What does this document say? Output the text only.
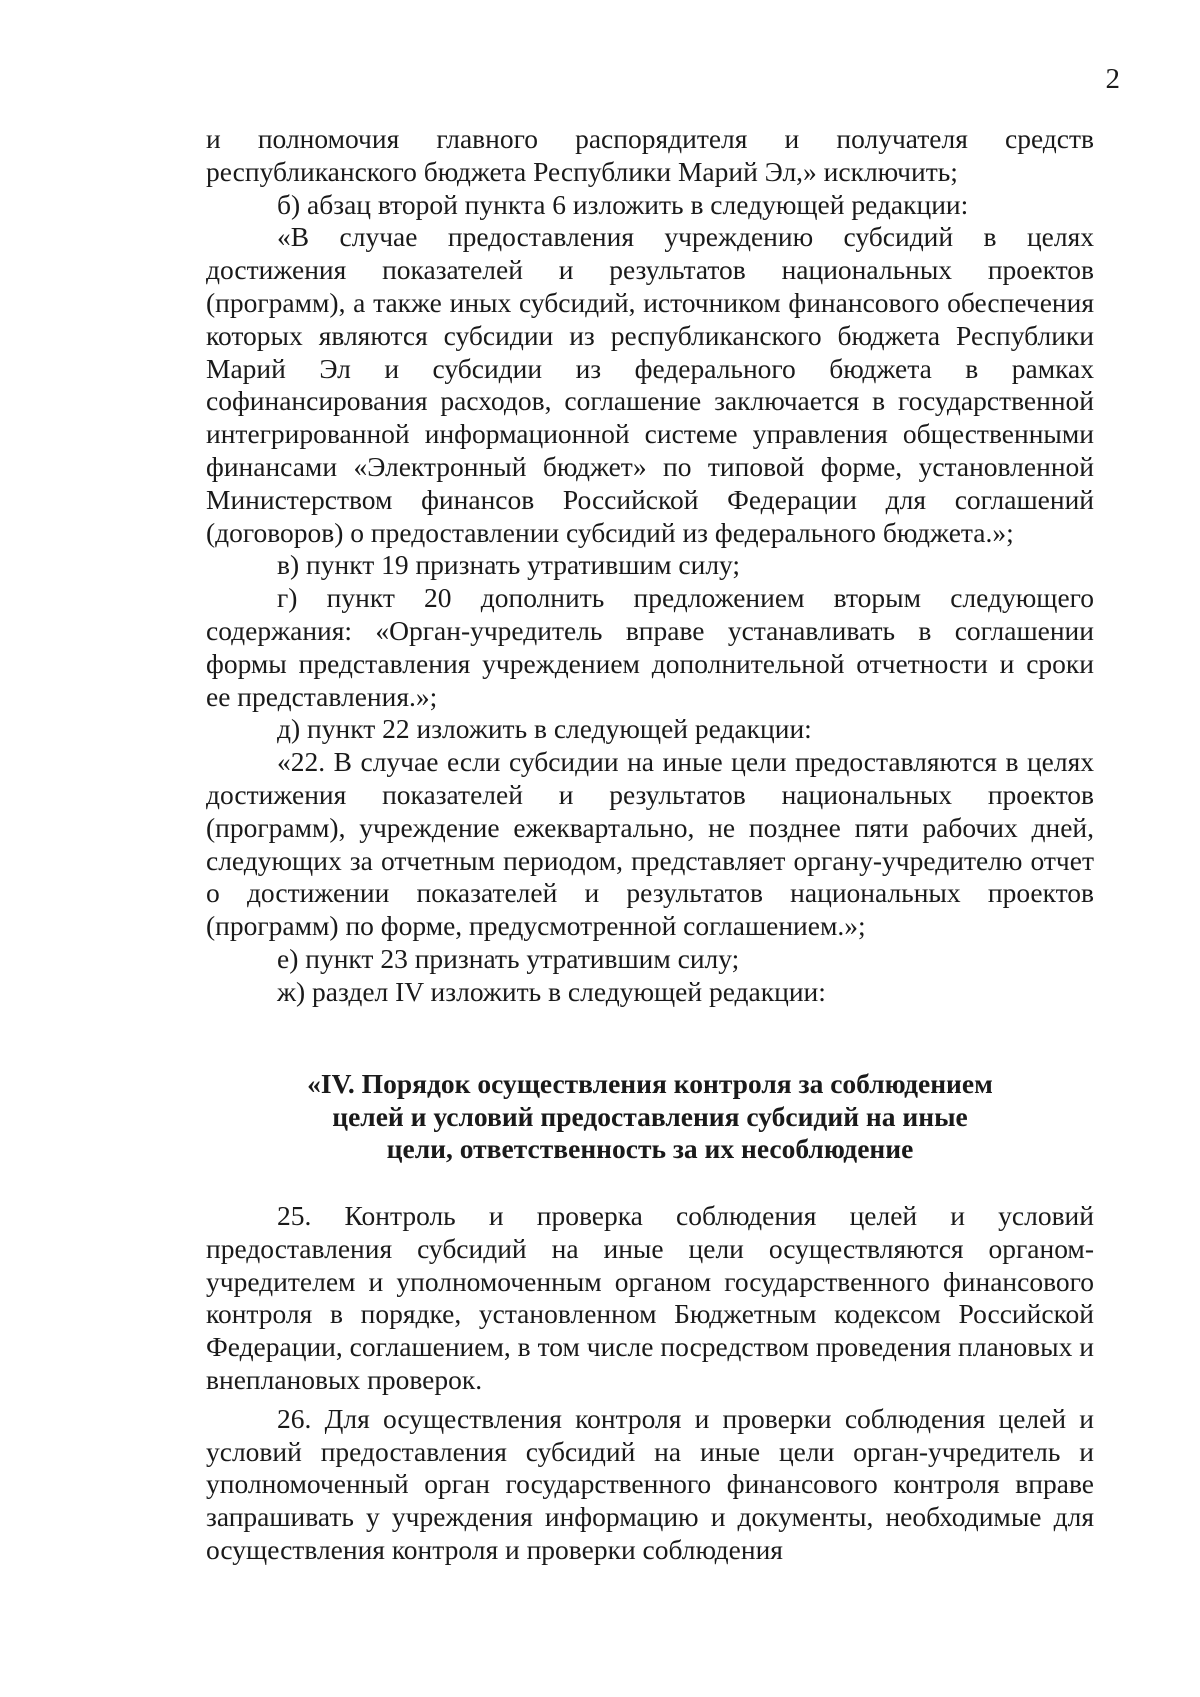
2

и полномочия главного распорядителя и получателя средств республиканского бюджета Республики Марий Эл,» исключить;

б) абзац второй пункта 6 изложить в следующей редакции:

«В случае предоставления учреждению субсидий в целях достижения показателей и результатов национальных проектов (программ), а также иных субсидий, источником финансового обеспечения которых являются субсидии из республиканского бюджета Республики Марий Эл и субсидии из федерального бюджета в рамках софинансирования расходов, соглашение заключается в государственной интегрированной информационной системе управления общественными финансами «Электронный бюджет» по типовой форме, установленной Министерством финансов Российской Федерации для соглашений (договоров) о предоставлении субсидий из федерального бюджета.»;

в) пункт 19 признать утратившим силу;

г) пункт 20 дополнить предложением вторым следующего содержания: «Орган-учредитель вправе устанавливать в соглашении формы представления учреждением дополнительной отчетности и сроки ее представления.»;

д) пункт 22 изложить в следующей редакции:

«22. В случае если субсидии на иные цели предоставляются в целях достижения показателей и результатов национальных проектов (программ), учреждение ежеквартально, не позднее пяти рабочих дней, следующих за отчетным периодом, представляет органу-учредителю отчет о достижении показателей и результатов национальных проектов (программ) по форме, предусмотренной соглашением.»;

е) пункт 23 признать утратившим силу;

ж) раздел IV изложить в следующей редакции:

«IV. Порядок осуществления контроля за соблюдением
целей и условий предоставления субсидий на иные
цели, ответственность за их несоблюдение

25. Контроль и проверка соблюдения целей и условий предоставления субсидий на иные цели осуществляются органом-учредителем и уполномоченным органом государственного финансового контроля в порядке, установленном Бюджетным кодексом Российской Федерации, соглашением, в том числе посредством проведения плановых и внеплановых проверок.

26. Для осуществления контроля и проверки соблюдения целей и условий предоставления субсидий на иные цели орган-учредитель и уполномоченный орган государственного финансового контроля вправе запрашивать у учреждения информацию и документы, необходимые для осуществления контроля и проверки соблюдения
